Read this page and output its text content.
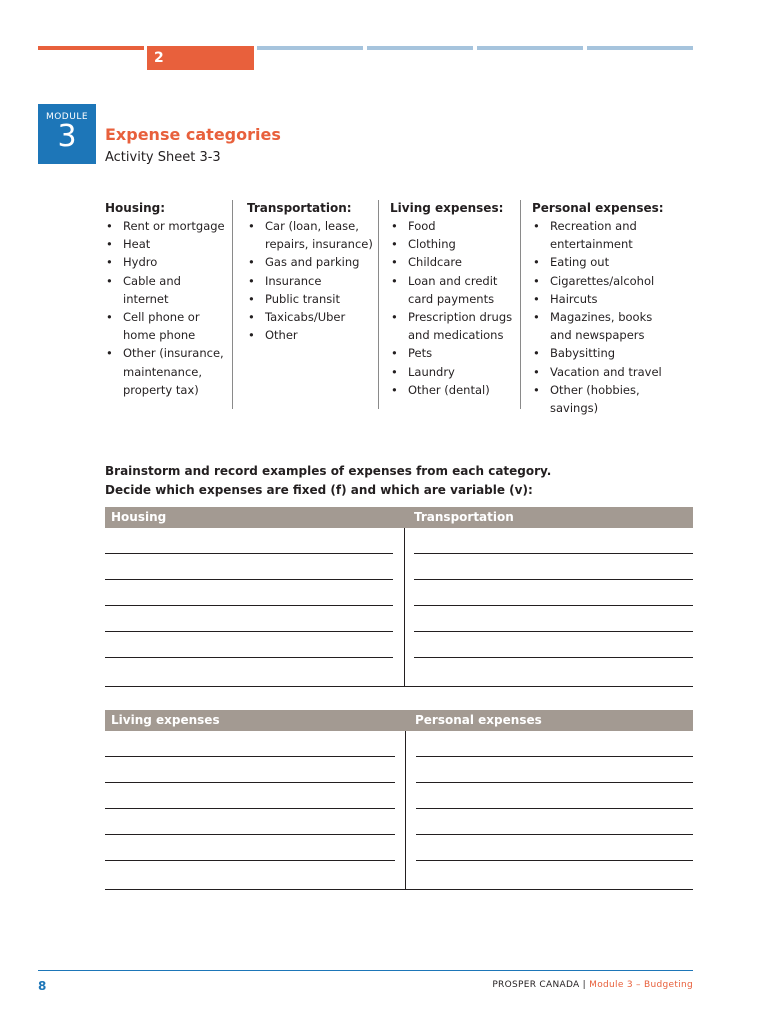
2
MODULE
3	Expense categories
Activity Sheet 3-3
Housing:
• Rent or mortgage
• Heat
• Hydro
• Cable and internet
• Cell phone or
home phone
• Other (insurance,
maintenance,
property tax)
Transportation:
• Car (loan, lease,
repairs, insurance)
• Gas and parking
• Insurance
• Public transit
• Taxicabs/Uber
• Other
Living expenses:
• Food
• Clothing
• Childcare
• Loan and credit
card payments
• Prescription drugs
and medications
• Pets
• Laundry
• Other (dental)
Personal expenses:
• Recreation and
entertainment
• Eating out
• Cigarettes/alcohol
• Haircuts
• Magazines, books
and newspapers
• Babysitting
• Vacation and travel
• Other (hobbies,
savings)
Brainstorm and record examples of expenses from each category.
Decide which expenses are fixed (f) and which are variable (v):
Housing	Transportation
Living expenses	Personal expenses
8	PROSPER CANADA | Module 3 – Budgeting
